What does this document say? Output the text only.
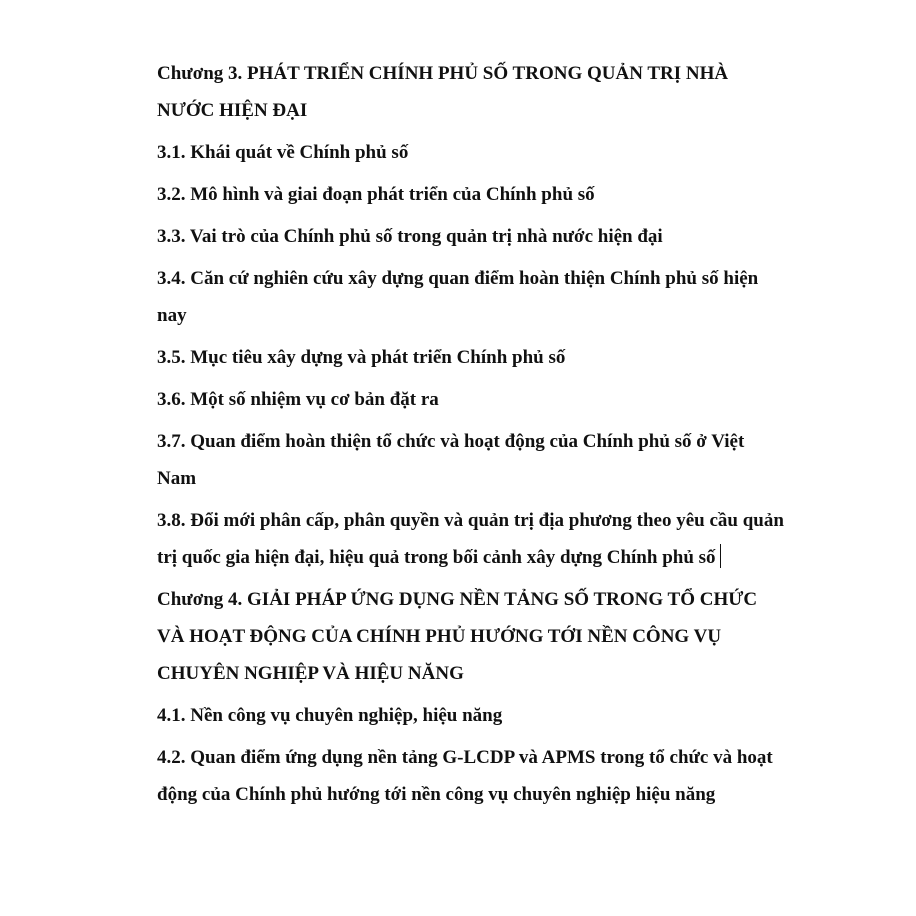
Chương 3. PHÁT TRIỂN CHÍNH PHỦ SỐ TRONG QUẢN TRỊ NHÀ NƯỚC HIỆN ĐẠI
3.1. Khái quát về Chính phủ số
3.2. Mô hình và giai đoạn phát triển của Chính phủ số
3.3. Vai trò của Chính phủ số trong quản trị nhà nước hiện đại
3.4. Căn cứ nghiên cứu xây dựng quan điểm hoàn thiện Chính phủ số hiện nay
3.5. Mục tiêu xây dựng và phát triển Chính phủ số
3.6. Một số nhiệm vụ cơ bản đặt ra
3.7. Quan điểm hoàn thiện tổ chức và hoạt động của Chính phủ số ở Việt Nam
3.8. Đổi mới phân cấp, phân quyền và quản trị địa phương theo yêu cầu quản trị quốc gia hiện đại, hiệu quả trong bối cảnh xây dựng Chính phủ số
Chương 4. GIẢI PHÁP ỨNG DỤNG NỀN TẢNG SỐ TRONG TỔ CHỨC VÀ HOẠT ĐỘNG CỦA CHÍNH PHỦ HƯỚNG TỚI NỀN CÔNG VỤ CHUYÊN NGHIỆP VÀ HIỆU NĂNG
4.1. Nền công vụ chuyên nghiệp, hiệu năng
4.2. Quan điểm ứng dụng nền tảng G-LCDP và APMS trong tổ chức và hoạt động của Chính phủ hướng tới nền công vụ chuyên nghiệp hiệu năng
